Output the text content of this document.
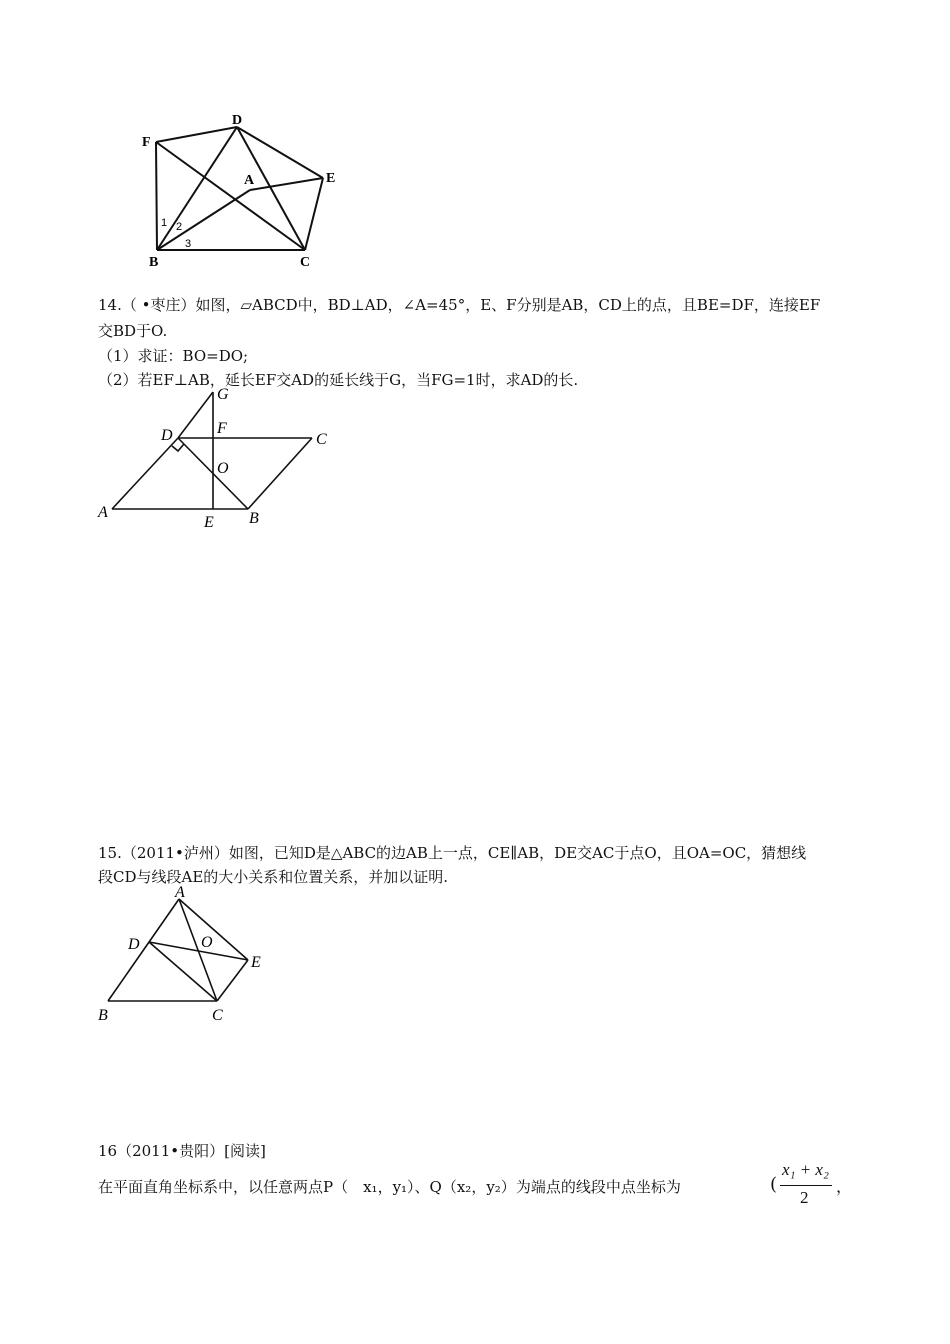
D
F
A	E
B	C
1 2
3
14.（ •枣庄）如图，▱ABCD中，BD⊥AD，∠A=45°，E、F分别是AB，CD上的点，且BE=DF，连接EF
交BD于O.
（1）求证：BO=DO;
（2）若EF⊥AB，延长EF交AD的延长线于G，当FG=1时，求AD的长.
G
D	F
C
O
A
E B
15.（2011•泸州）如图，已知D是△ABC的边AB上一点，CE∥AB，DE交AC于点O，且OA=OC，猜想线
段CD与线段AE的大小关系和位置关系，并加以证明.
A
D	O
E
B	C
16（2011•贵阳）[阅读]
在平面直角坐标系中，以任意两点P（　x₁，y₁）、Q（x₂，y₂）为端点的线段中点坐标为	(
x₁ + x₂
2
，
